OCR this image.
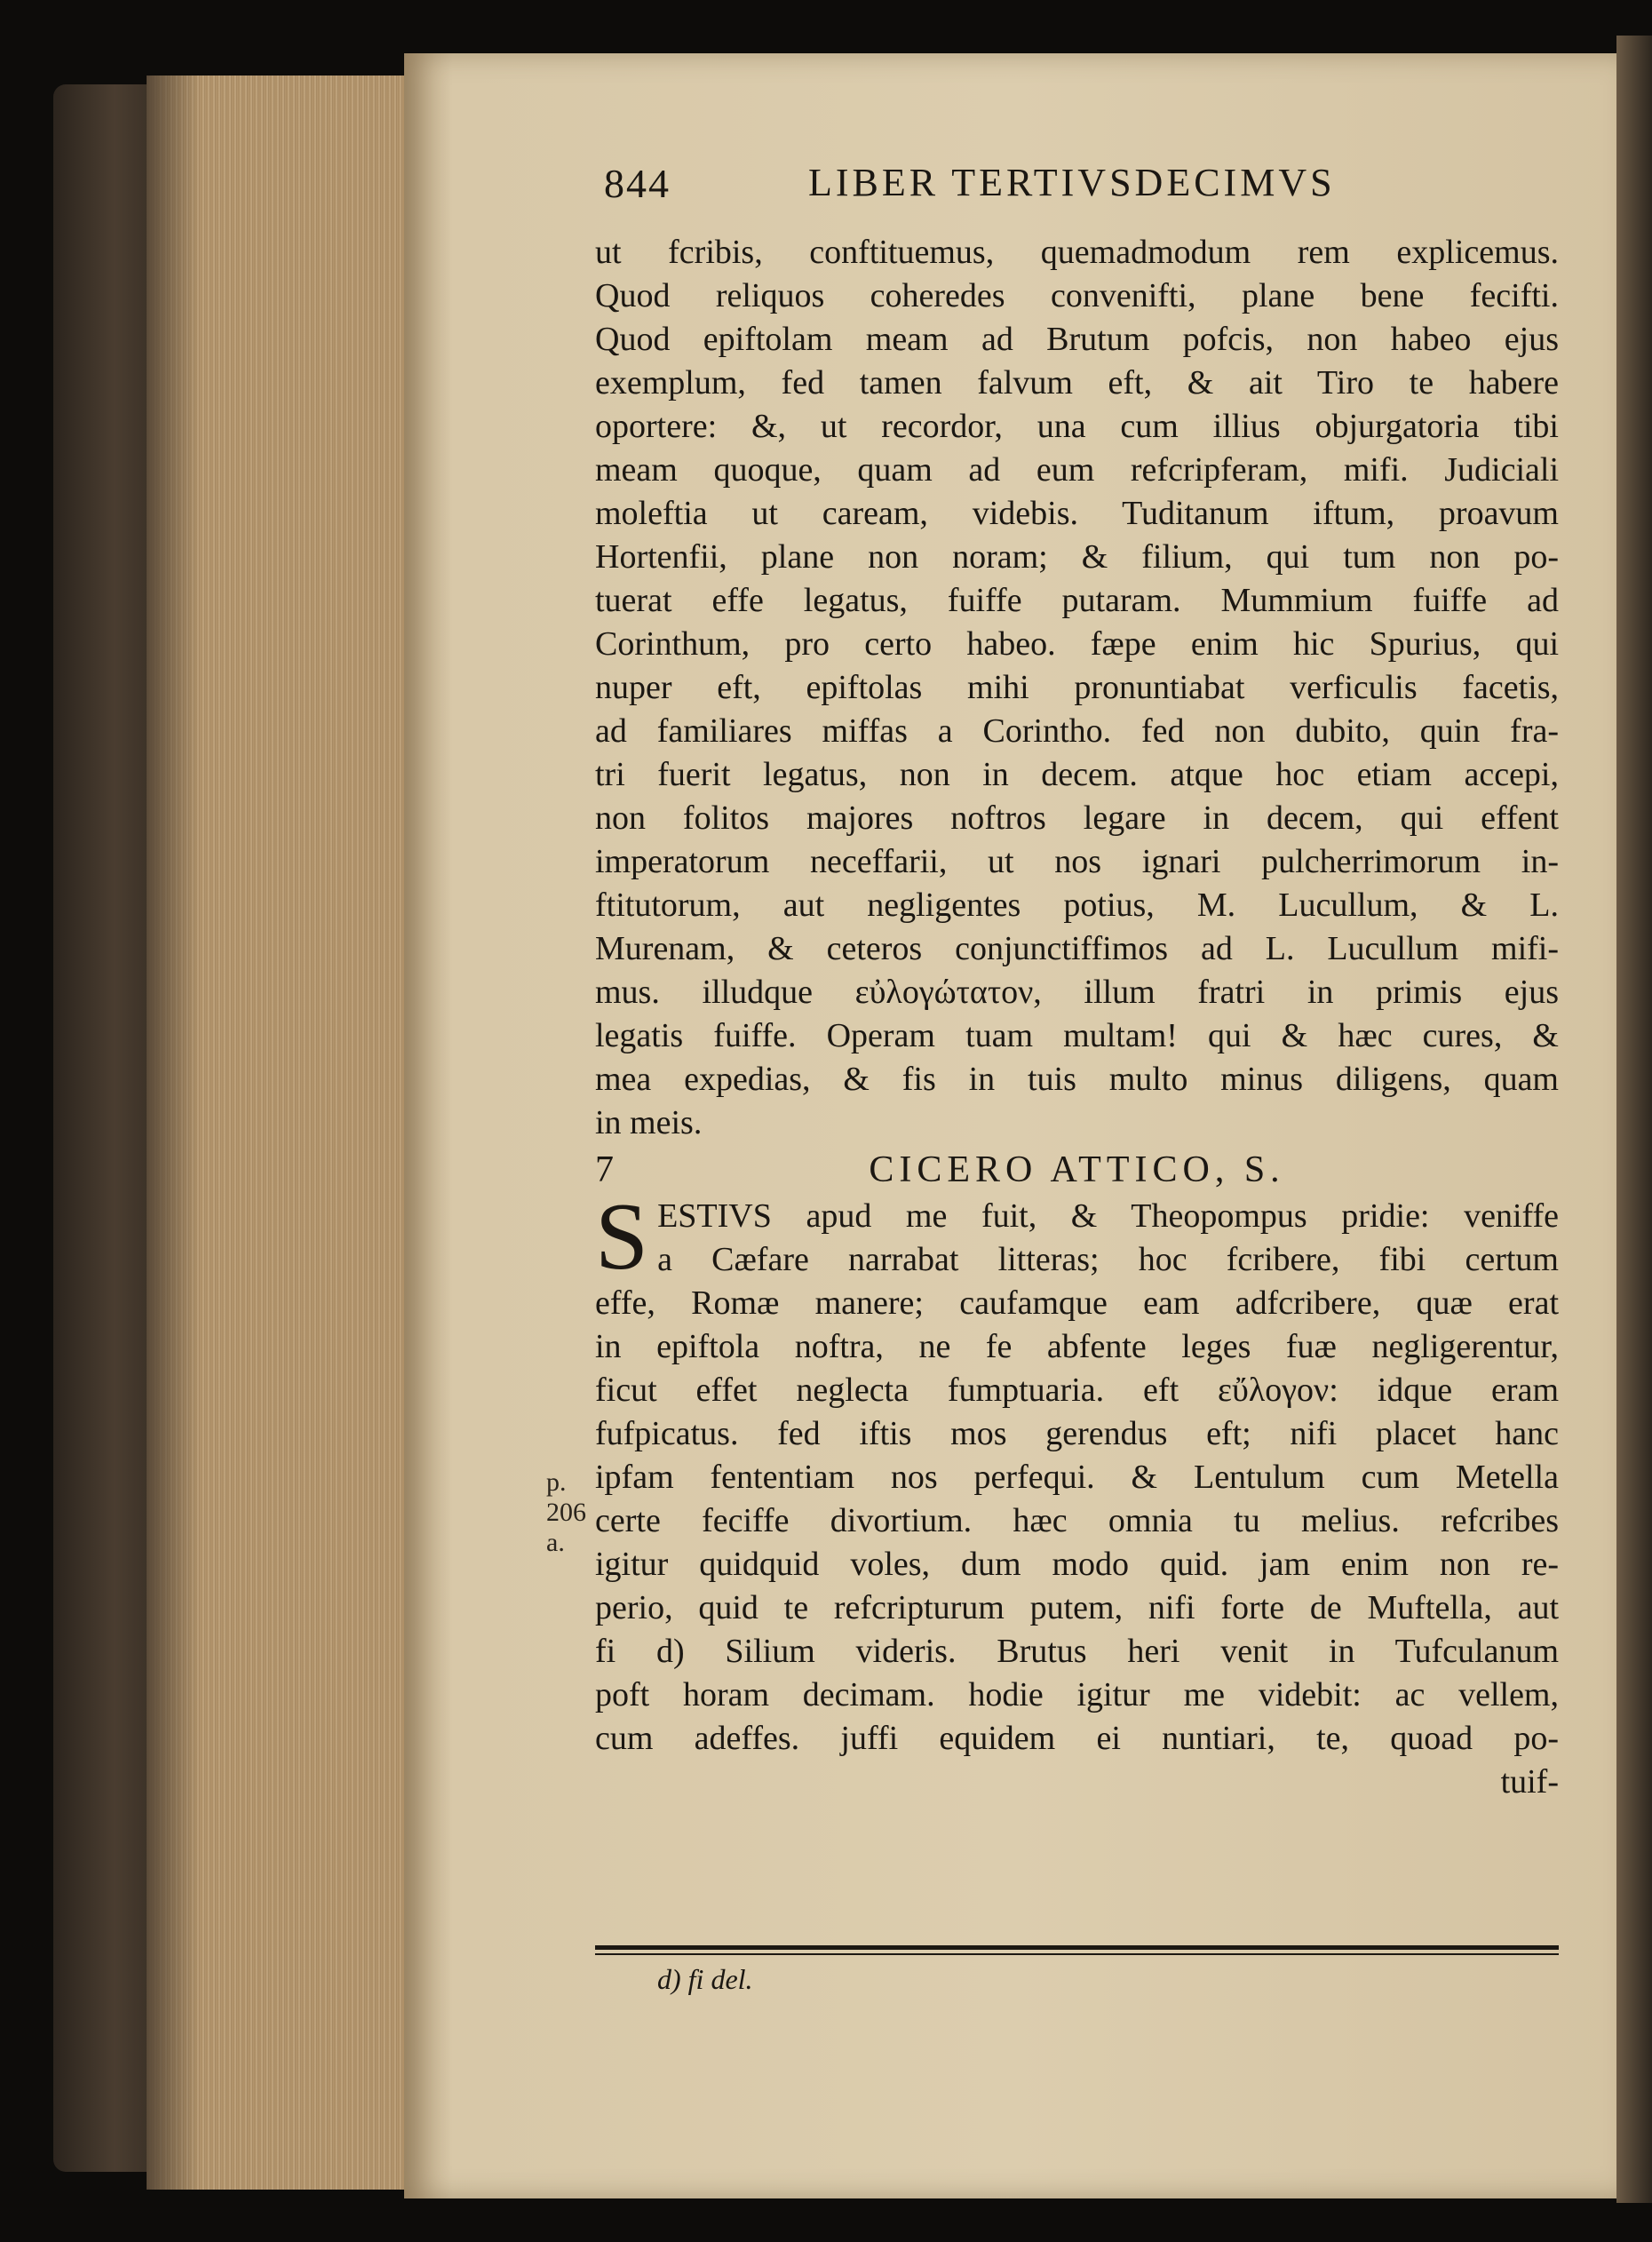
844	LIBER TERTIVSDECIMVS
ut fcribis, conftituemus, quemadmodum rem explicemus.
Quod reliquos coheredes convenifti, plane bene fecifti.
Quod epiftolam meam ad Brutum pofcis, non habeo ejus
exemplum, fed tamen falvum eft, & ait Tiro te habere
oportere: &, ut recordor, una cum illius objurgatoria tibi
meam quoque, quam ad eum refcripferam, mifi. Judiciali
moleftia ut caream, videbis. Tuditanum iftum, proavum
Hortenfii, plane non noram; & filium, qui tum non po-
tuerat effe legatus, fuiffe putaram. Mummium fuiffe ad
Corinthum, pro certo habeo. fæpe enim hic Spurius, qui
nuper eft, epiftolas mihi pronuntiabat verficulis facetis,
ad familiares miffas a Corintho. fed non dubito, quin fra-
tri fuerit legatus, non in decem. atque hoc etiam accepi,
non folitos majores noftros legare in decem, qui effent
imperatorum neceffarii, ut nos ignari pulcherrimorum in-
ftitutorum, aut negligentes potius, M. Lucullum, & L.
Murenam, & ceteros conjunctiffimos ad L. Lucullum mifi-
mus. illudque εὐλογώτατον, illum fratri in primis ejus
legatis fuiffe. Operam tuam multam! qui & hæc cures, &
mea expedias, & fis in tuis multo minus diligens, quam
in meis.
7	CICERO ATTICO, S.
S ESTIVS apud me fuit, & Theopompus pridie: veniffe
a Cæfare narrabat litteras; hoc fcribere, fibi certum
effe, Romæ manere; caufamque eam adfcribere, quæ erat
in epiftola noftra, ne fe abfente leges fuæ negligerentur,
ficut effet neglecta fumptuaria. eft εὔλογον: idque eram
fufpicatus. fed iftis mos gerendus eft; nifi placet hanc
ipfam fententiam nos perfequi. & Lentulum cum Metella
certe feciffe divortium. hæc omnia tu melius. refcribes
igitur quidquid voles, dum modo quid. jam enim non re-
perio, quid te refcripturum putem, nifi forte de Muftella, aut
fi d) Silium videris. Brutus heri venit in Tufculanum
poft horam decimam. hodie igitur me videbit: ac vellem,
cum adeffes. juffi equidem ei nuntiari, te, quoad po-
tuif-
p.
206
a.
d) fi del.
